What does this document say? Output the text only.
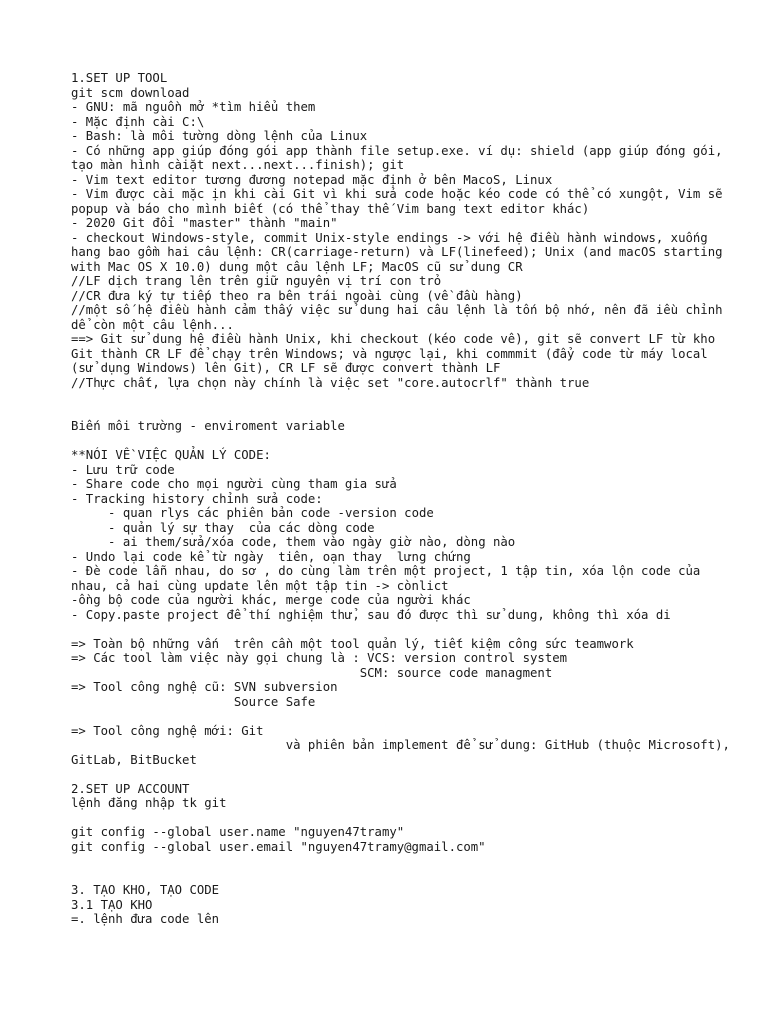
1.SET UP TOOL
git scm download
- GNU: mã nguồn mở *tìm hiểu them
- Mặc định cài C:\
- Bash: là môi tường dòng lệnh của Linux
- Có những app giúp đóng gói app thành file setup.exe. ví dụ: shield (app giúp đóng gói, tạo màn hình càiặt next...next...finish); git
- Vim text editor tương đương notepad mặc định ở bên MacoS, Linux
- Vim được cài mặc ịn khi cài Git vì khi sửa code hoặc kéo code có thể có xungột, Vim sẽ popup và báo cho mình biết (có thể thay thế Vim bang text editor khác)
- 2020 Git đổi "master" thành "main"
- checkout Windows-style, commit Unix-style endings -> với hệ điều hành windows, xuống hang bao gồm hai câu lệnh: CR(carriage-return) và LF(linefeed); Unix (and macOS starting with Mac OS X 10.0) dung một câu lệnh LF; MacOS cũ sử dung CR
//LF dịch trang lên trên giữ nguyên vị trí con trỏ
//CR đưa ký tự tiếp theo ra bên trái ngoài cùng (về đầu hàng)
//một số hệ điều hành cảm thấy việc sử dung hai câu lệnh là tốn bộ nhớ, nên đã iều chỉnh dể còn một câu lệnh...
==> Git sử dung hệ điều hành Unix, khi checkout (kéo code về), git sẽ convert LF từ kho Git thành CR LF để chạy trên Windows; và ngược lại, khi commmit (đẩy code từ máy local (sử dụng Windows) lên Git), CR LF sẽ được convert thành LF
//Thực chất, lựa chọn này chính là việc set "core.autocrlf" thành true
Biến môi trường - enviroment variable
**NÓI VỀ VIỆC QUẢN LÝ CODE:
- Lưu trữ code
- Share code cho mọi người cùng tham gia sửa
- Tracking history chỉnh sửa code:
- quan rlys các phiên bản code -version code
- quản lý sự thay  của các dòng code
- ai them/sửa/xóa code, them vào ngày giờ nào, dòng nào
- Undo lại code kể từ ngày  tiên, oạn thay  lưng chứng
- Đè code lẫn nhau, do sơ , do cùng làm trên một project, 1 tập tin, xóa lộn code của nhau, cả hai cùng update lên một tập tin -> cònlict
-ồng bộ code của người khác, merge code của người khác
- Copy.paste project để thí nghiệm thử, sau đó được thì sử dung, không thì xóa di
=> Toàn bộ những vấn  trên cần một tool quản lý, tiết kiệm công sức teamwork
=> Các tool làm việc này gọi chung là : VCS: version control system
SCM: source code managment
=> Tool công nghệ cũ: SVN subversion
Source Safe
=> Tool công nghệ mới: Git
và phiên bản implement để sử dung: GitHub (thuộc Microsoft), GitLab, BitBucket
2.SET UP ACCOUNT
lệnh đăng nhập tk git
git config --global user.name "nguyen47tramy"
git config --global user.email "nguyen47tramy@gmail.com"
3. TẠO KHO, TẠO CODE
3.1 TẠO KHO
=. lệnh đưa code lên
